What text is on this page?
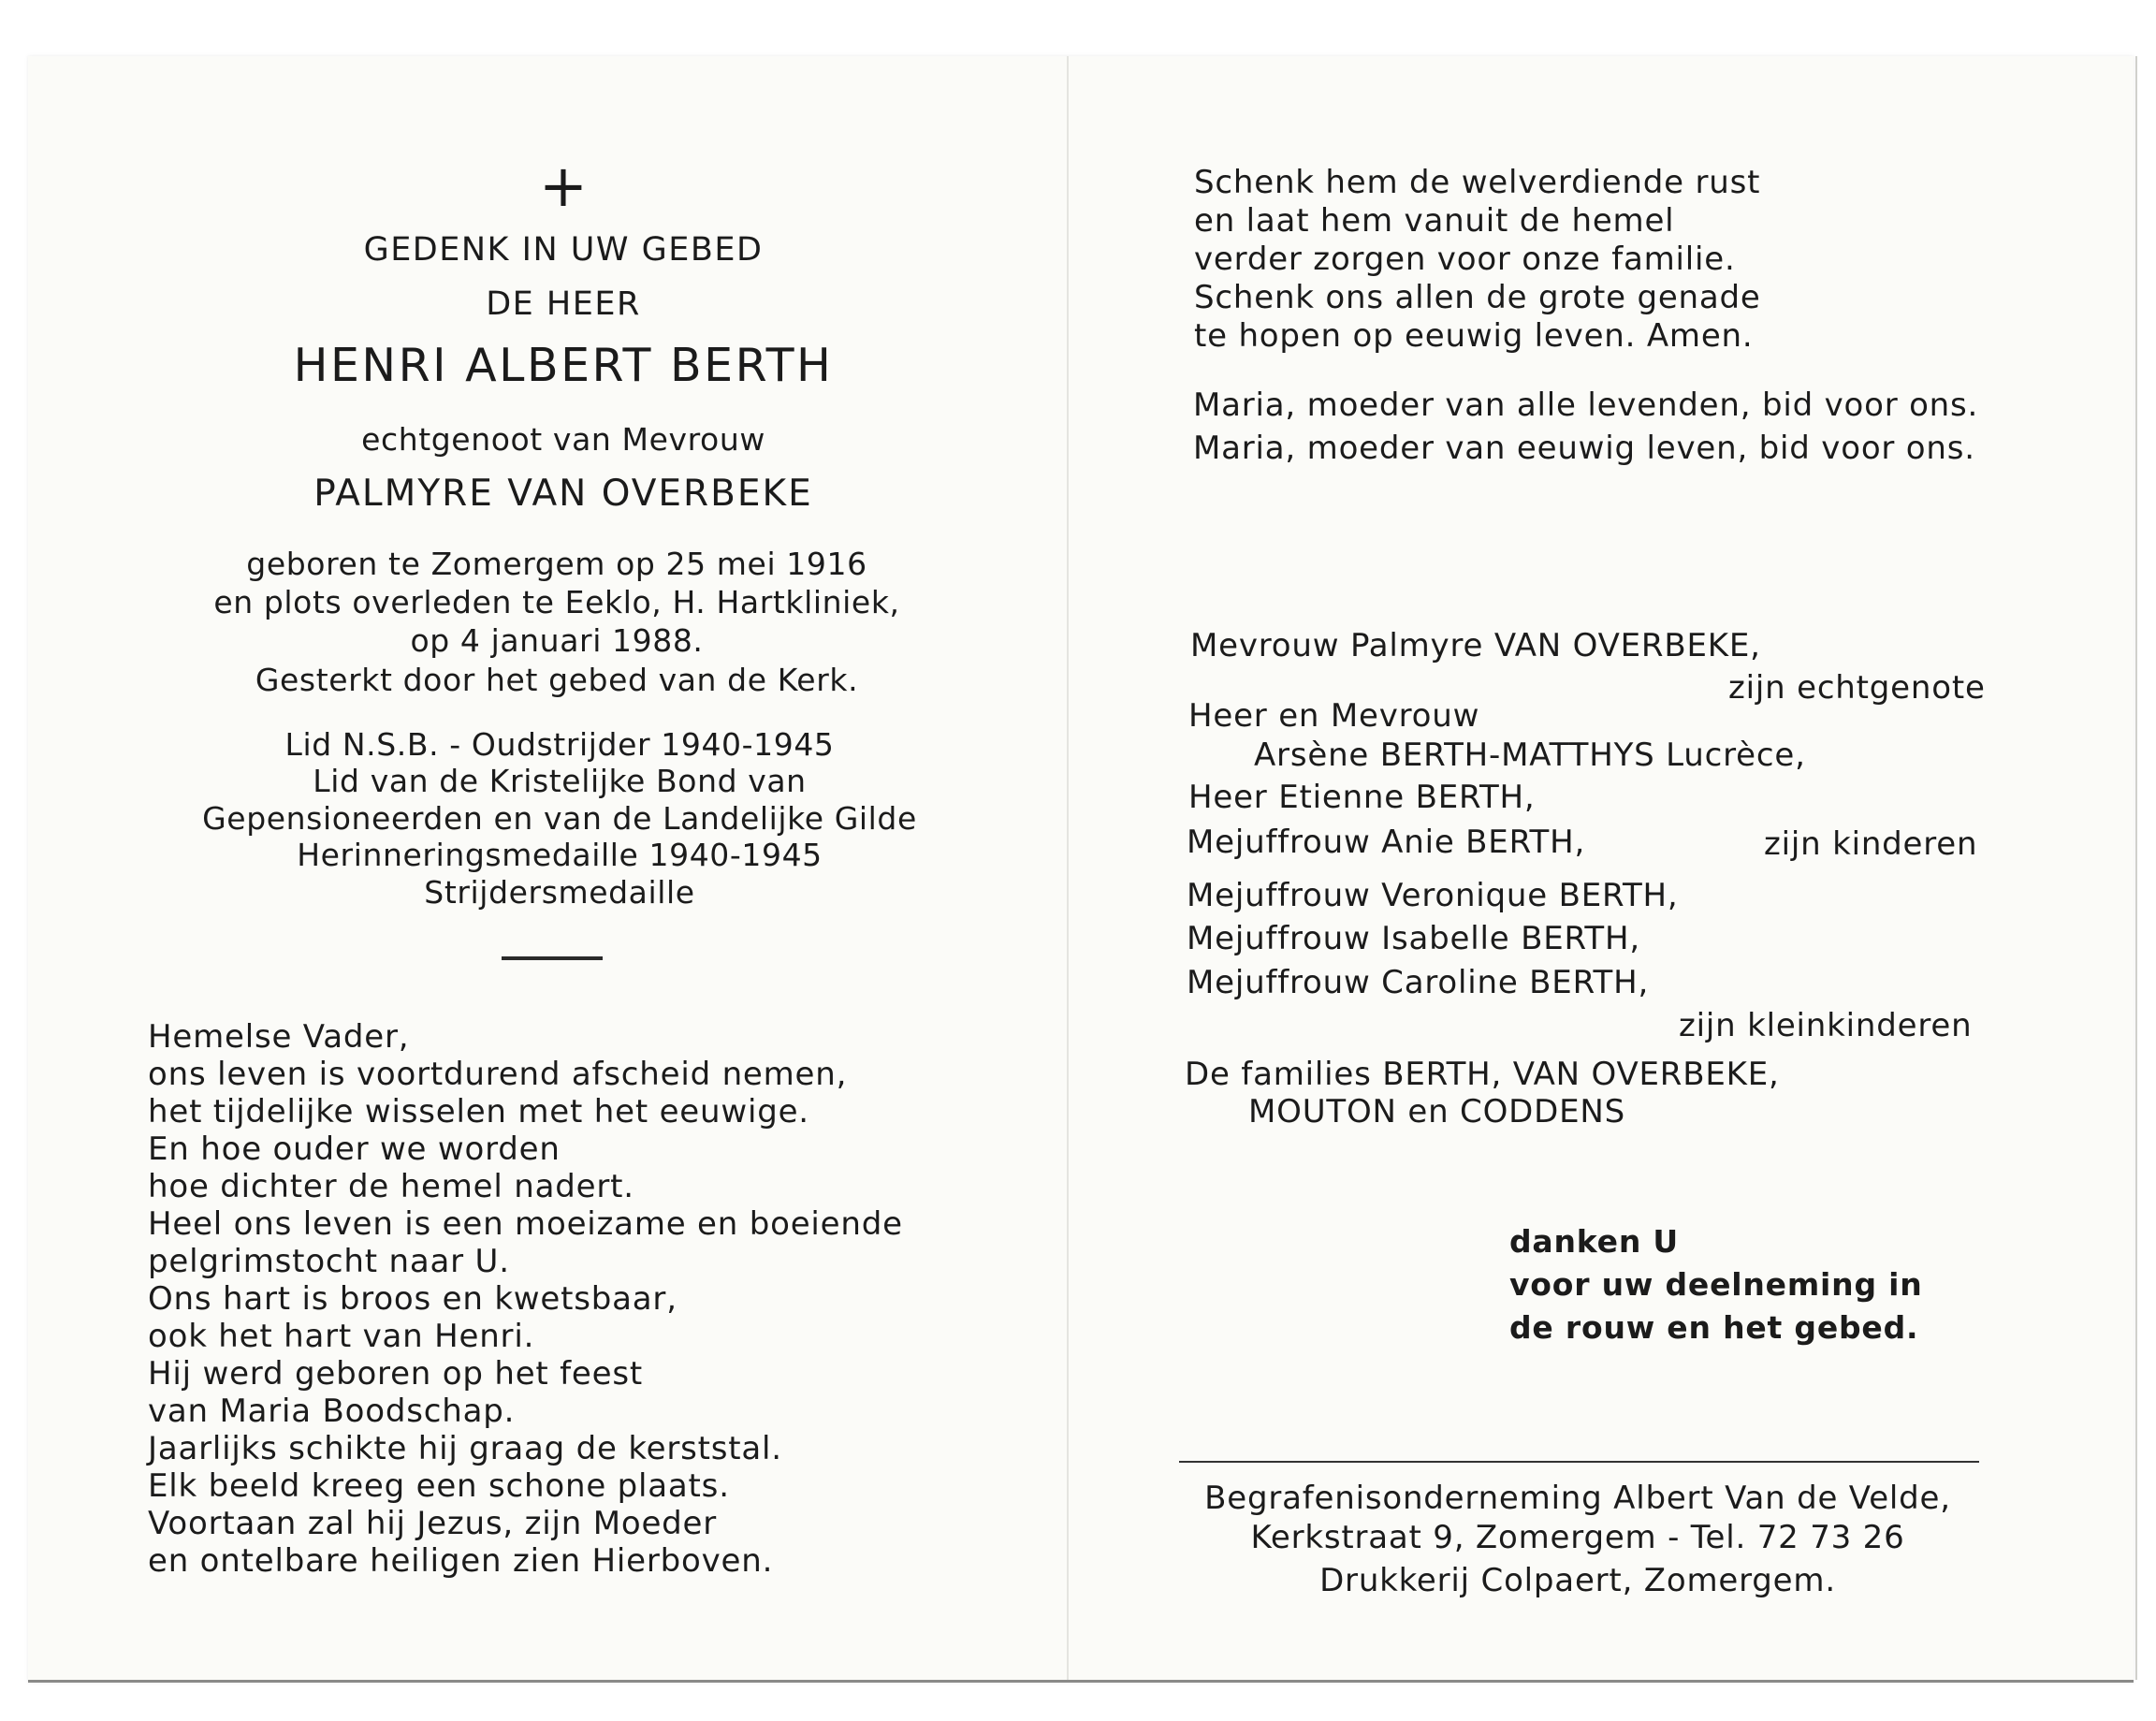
+
GEDENK IN UW GEBED
DE HEER
HENRI ALBERT BERTH
echtgenoot van Mevrouw
PALMYRE VAN OVERBEKE
geboren te Zomergem op 25 mei 1916
en plots overleden te Eeklo, H. Hartkliniek,
op 4 januari 1988.
Gesterkt door het gebed van de Kerk.
Lid N.S.B. - Oudstrijder 1940-1945
Lid van de Kristelijke Bond van
Gepensioneerden en van de Landelijke Gilde
Herinneringsmedaille 1940-1945
Strijdersmedaille
Hemelse Vader,
ons leven is voortdurend afscheid nemen,
het tijdelijke wisselen met het eeuwige.
En hoe ouder we worden
hoe dichter de hemel nadert.
Heel ons leven is een moeizame en boeiende
pelgrimstocht naar U.
Ons hart is broos en kwetsbaar,
ook het hart van Henri.
Hij werd geboren op het feest
van Maria Boodschap.
Jaarlijks schikte hij graag de kerststal.
Elk beeld kreeg een schone plaats.
Voortaan zal hij Jezus, zijn Moeder
en ontelbare heiligen zien Hierboven.
Schenk hem de welverdiende rust
en laat hem vanuit de hemel
verder zorgen voor onze familie.
Schenk ons allen de grote genade
te hopen op eeuwig leven. Amen.
Maria, moeder van alle levenden, bid voor ons.
Maria, moeder van eeuwig leven, bid voor ons.
Mevrouw Palmyre VAN OVERBEKE,
zijn echtgenote
Heer en Mevrouw
Arsène BERTH-MATTHYS Lucrèce,
Heer Etienne BERTH,
Mejuffrouw Anie BERTH,	zijn kinderen
Mejuffrouw Veronique BERTH,
Mejuffrouw Isabelle BERTH,
Mejuffrouw Caroline BERTH,
zijn kleinkinderen
De families BERTH, VAN OVERBEKE,
MOUTON en CODDENS
danken U
voor uw deelneming in
de rouw en het gebed.
Begrafenisonderneming Albert Van de Velde,
Kerkstraat 9, Zomergem - Tel. 72 73 26
Drukkerij Colpaert, Zomergem.
